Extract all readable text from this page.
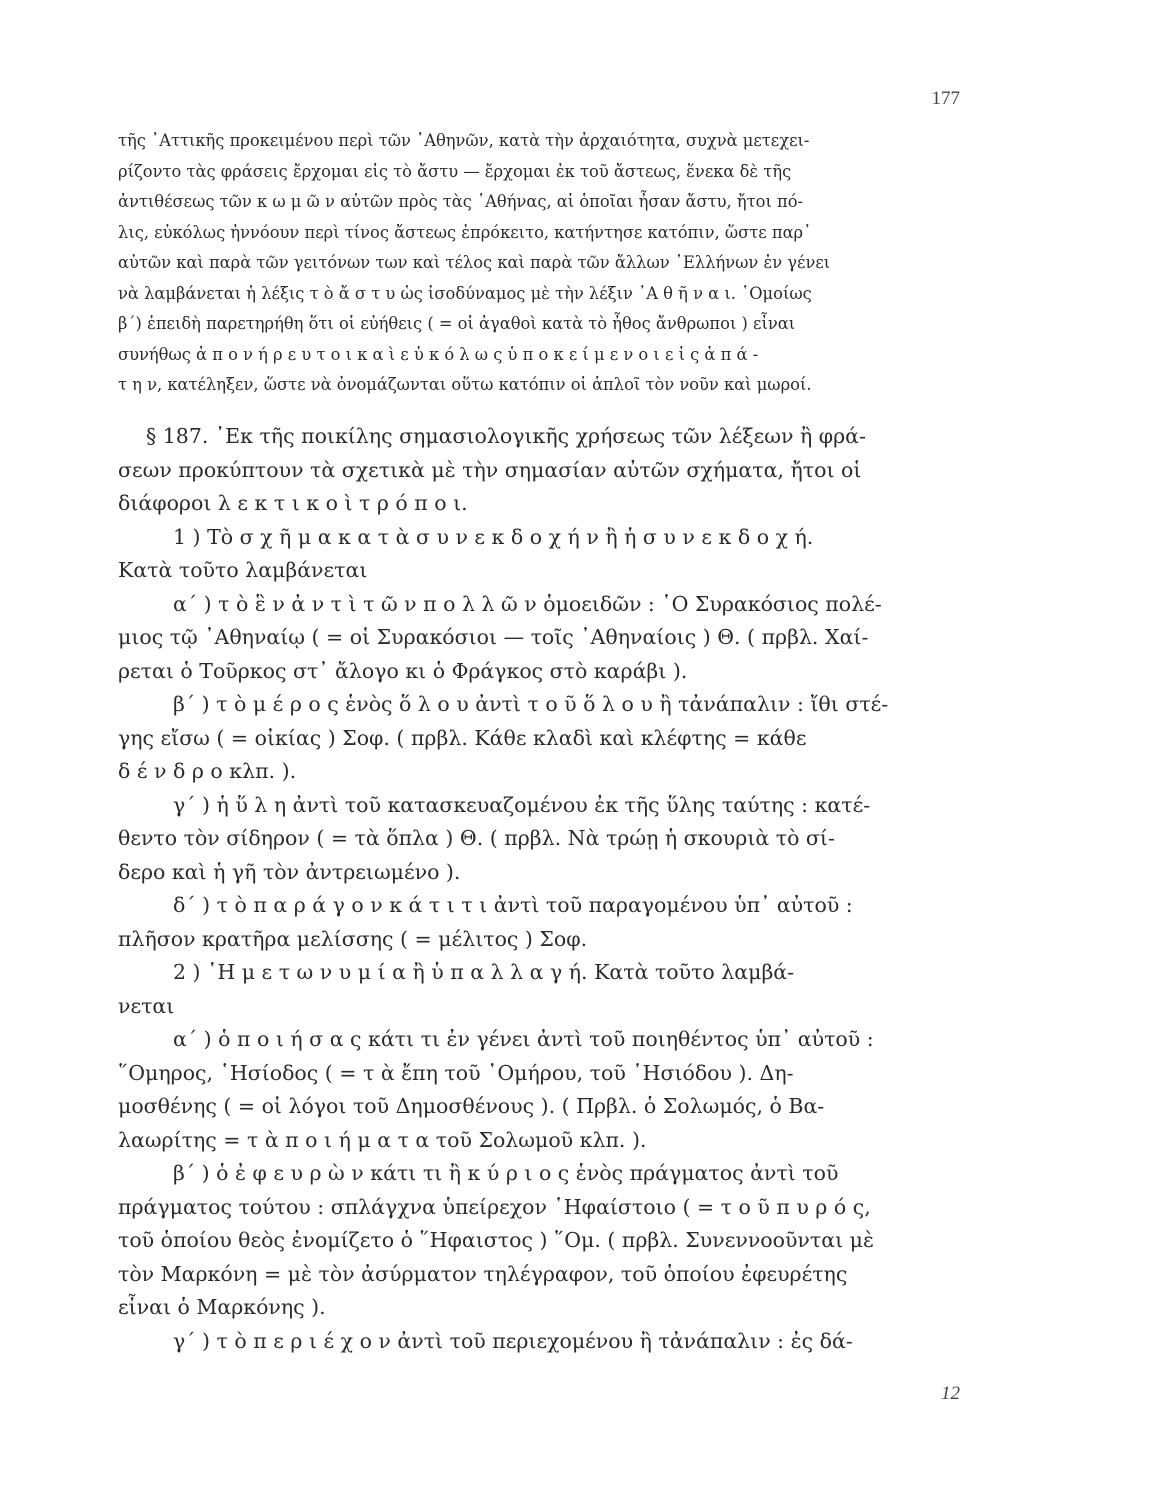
177
τῆς ᾿Αττικῆς προκειμένου περὶ τῶν ᾿Αθηνῶν, κατὰ τὴν ἀρχαιότητα, συχνὰ μετεχει-
ρίζοντο τὰς φράσεις ἔρχομαι εἰς τὸ ἄστυ — ἔρχομαι ἐκ τοῦ ἄστεως, ἕνεκα δὲ τῆς
ἀντιθέσεως τῶν κ ω μ ῶ ν αὐτῶν πρὸς τὰς ᾿Αθήνας, αἱ ὁποῖαι ἦσαν ἄστυ, ἤτοι πό-
λις, εὐκόλως ἠννόουν περὶ τίνος ἄστεως ἐπρόκειτο, κατήντησε κατόπιν, ὥστε παρ᾿
αὐτῶν καὶ παρὰ τῶν γειτόνων των καὶ τέλος καὶ παρὰ τῶν ἄλλων ῾Ελλήνων ἐν γένει
νὰ λαμβάνεται ἡ λέξις τ ὸ ἄ σ τ υ ὡς ἰσοδύναμος μὲ τὴν λέξιν ᾿Α θ ῆ ν α ι. ῾Ομοίως
β΄) ἐπειδὴ παρετηρήθη ὅτι οἱ εὐήθεις ( = οἱ ἀγαθοὶ κατὰ τὸ ἦθος ἄνθρωποι ) εἶναι
συνήθως ἀ π ο ν ή ρ ε υ τ ο ι κ α ὶ ε ὐ κ ό λ ω ς ὑ π ο κ ε ί μ ε ν ο ι ε ἰ ς ἀ π ά -
τ η ν, κατέληξεν, ὥστε νὰ ὀνομάζωνται οὕτω κατόπιν οἱ ἁπλοῖ τὸν νοῦν καὶ μωροί.
§ 187. ᾿Εκ τῆς ποικίλης σημασιολογικῆς χρήσεως τῶν λέξεων ἢ φρά-
σεων προκύπτουν τὰ σχετικὰ μὲ τὴν σημασίαν αὐτῶν σχήματα, ἤτοι οἱ
διάφοροι λ ε κ τ ι κ ο ὶ τ ρ ό π ο ι.
1 ) Τὸ σ χ ῆ μ α κ α τ ὰ σ υ ν ε κ δ ο χ ή ν ἢ ἡ σ υ ν ε κ δ ο χ ή.
Κατὰ τοῦτο λαμβάνεται
α΄ ) τ ὸ ἓ ν ἀ ν τ ὶ τ ῶ ν π ο λ λ ῶ ν ὁμοειδῶν : ῾Ο Συρακόσιος πολέ-
μιος τῷ ᾿Αθηναίῳ ( = οἱ Συρακόσιοι — τοῖς ᾿Αθηναίοις ) Θ. ( πρβλ. Χαί-
ρεται ὁ Τοῦρκος στ᾿ ἄλογο κι ὁ Φράγκος στὸ καράβι ).
β΄ ) τ ὸ μ έ ρ ο ς ἑνὸς ὅ λ ο υ ἀντὶ τ ο ῦ ὅ λ ο υ ἢ τἀνάπαλιν : ἴθι στέ-
γης εἴσω ( = οἰκίας ) Σοφ. ( πρβλ. Κάθε κλαδὶ καὶ κλέφτης = κάθε
δ έ ν δ ρ ο κλπ. ).
γ΄ ) ἡ ὕ λ η ἀντὶ τοῦ κατασκευαζομένου ἐκ τῆς ὕλης ταύτης : κατέ-
θεντο τὸν σίδηρον ( = τὰ ὅπλα ) Θ. ( πρβλ. Νὰ τρώῃ ἡ σκουριὰ τὸ σί-
δερο καὶ ἡ γῆ τὸν ἀντρειωμένο ).
δ΄ ) τ ὸ π α ρ ά γ ο ν κ ά τ ι τ ι ἀντὶ τοῦ παραγομένου ὑπ᾿ αὐτοῦ :
πλῆσον κρατῆρα μελίσσης ( = μέλιτος ) Σοφ.
2 ) ῾Η μ ε τ ω ν υ μ ί α ἢ ὑ π α λ λ α γ ή. Κατὰ τοῦτο λαμβά-
νεται
α΄ ) ὁ π ο ι ή σ α ς κάτι τι ἐν γένει ἀντὶ τοῦ ποιηθέντος ὑπ᾿ αὐτοῦ :
῞Ομηρος, ῾Ησίοδος ( = τ ὰ ἔπη τοῦ ῾Ομήρου, τοῦ ῾Ησιόδου ). Δη-
μοσθένης ( = οἱ λόγοι τοῦ Δημοσθένους ). ( Πρβλ. ὁ Σολωμός, ὁ Βα-
λαωρίτης = τ ὰ π ο ι ή μ α τ α τοῦ Σολωμοῦ κλπ. ).
β΄ ) ὁ ἐ φ ε υ ρ ὼ ν κάτι τι ἢ κ ύ ρ ι ο ς ἑνὸς πράγματος ἀντὶ τοῦ
πράγματος τούτου : σπλάγχνα ὑπείρεχον ῾Ηφαίστοιο ( = τ ο ῦ π υ ρ ό ς,
τοῦ ὁποίου θεὸς ἐνομίζετο ὁ ῞Ηφαιστος ) ῞Ομ. ( πρβλ. Συνεννοοῦνται μὲ
τὸν Μαρκόνη = μὲ τὸν ἀσύρματον τηλέγραφον, τοῦ ὁποίου ἐφευρέτης
εἶναι ὁ Μαρκόνης ).
γ΄ ) τ ὸ π ε ρ ι έ χ ο ν ἀντὶ τοῦ περιεχομένου ἢ τἀνάπαλιν : ἐς δά-
12
